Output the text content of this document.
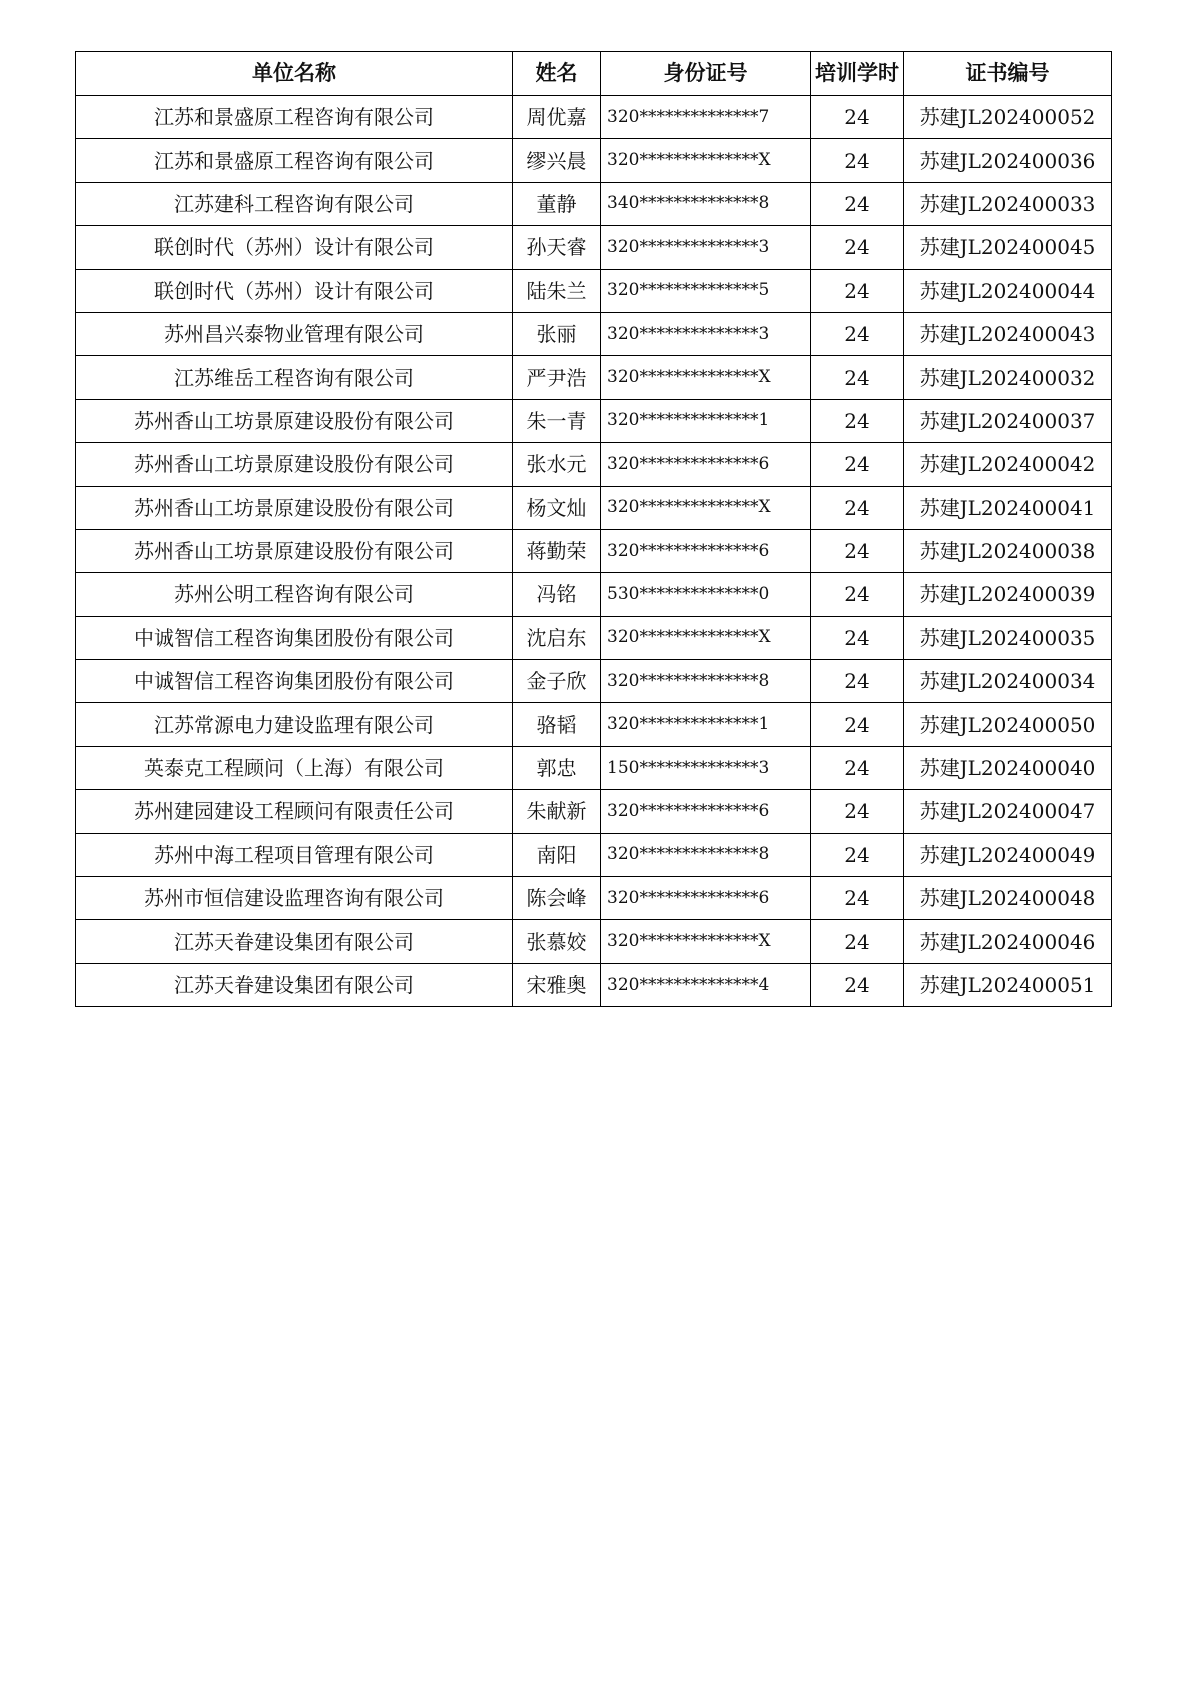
单位名称	姓名	身份证号	培训学时	证书编号
江苏和景盛原工程咨询有限公司	周优嘉	320**************7	24	苏建JL202400052
江苏和景盛原工程咨询有限公司	缪兴晨	320**************X	24	苏建JL202400036
江苏建科工程咨询有限公司	董静	340**************8	24	苏建JL202400033
联创时代（苏州）设计有限公司	孙天睿	320**************3	24	苏建JL202400045
联创时代（苏州）设计有限公司	陆朱兰	320**************5	24	苏建JL202400044
苏州昌兴泰物业管理有限公司	张丽	320**************3	24	苏建JL202400043
江苏维岳工程咨询有限公司	严尹浩	320**************X	24	苏建JL202400032
苏州香山工坊景原建设股份有限公司	朱一青	320**************1	24	苏建JL202400037
苏州香山工坊景原建设股份有限公司	张水元	320**************6	24	苏建JL202400042
苏州香山工坊景原建设股份有限公司	杨文灿	320**************X	24	苏建JL202400041
苏州香山工坊景原建设股份有限公司	蒋勤荣	320**************6	24	苏建JL202400038
苏州公明工程咨询有限公司	冯铭	530**************0	24	苏建JL202400039
中诚智信工程咨询集团股份有限公司	沈启东	320**************X	24	苏建JL202400035
中诚智信工程咨询集团股份有限公司	金子欣	320**************8	24	苏建JL202400034
江苏常源电力建设监理有限公司	骆韬	320**************1	24	苏建JL202400050
英泰克工程顾问（上海）有限公司	郭忠	150**************3	24	苏建JL202400040
苏州建园建设工程顾问有限责任公司	朱献新	320**************6	24	苏建JL202400047
苏州中海工程项目管理有限公司	南阳	320**************8	24	苏建JL202400049
苏州市恒信建设监理咨询有限公司	陈会峰	320**************6	24	苏建JL202400048
江苏天眷建设集团有限公司	张慕姣	320**************X	24	苏建JL202400046
江苏天眷建设集团有限公司	宋雅奥	320**************4	24	苏建JL202400051
